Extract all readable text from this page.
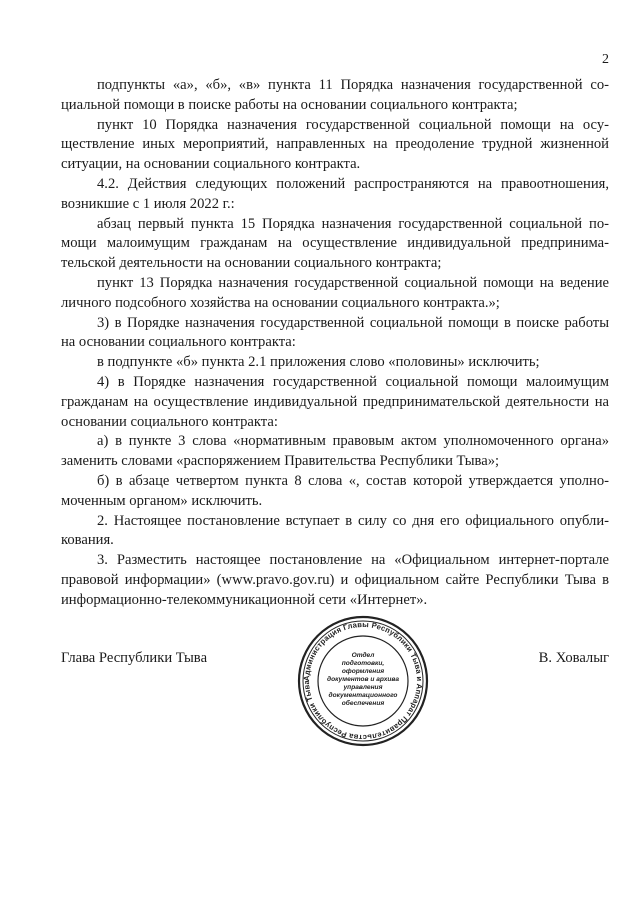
2

подпункты «а», «б», «в» пункта 11 Порядка назначения государственной социальной помощи в поиске работы на основании социального контракта;

пункт 10 Порядка назначения государственной социальной помощи на осуществление иных мероприятий, направленных на преодоление трудной жизненной ситуации, на основании социального контракта.

4.2. Действия следующих положений распространяются на правоотношения, возникшие с 1 июля 2022 г.:

абзац первый пункта 15 Порядка назначения государственной социальной помощи малоимущим гражданам на осуществление индивидуальной предпринимательской деятельности на основании социального контракта;

пункт 13 Порядка назначения государственной социальной помощи на ведение личного подсобного хозяйства на основании социального контракта.»;

3) в Порядке назначения государственной социальной помощи в поиске работы на основании социального контракта:

в подпункте «б» пункта 2.1 приложения слово «половины» исключить;

4) в Порядке назначения государственной социальной помощи малоимущим гражданам на осуществление индивидуальной предпринимательской деятельности на основании социального контракта:

а) в пункте 3 слова «нормативным правовым актом уполномоченного органа» заменить словами «распоряжением Правительства Республики Тыва»;

б) в абзаце четвертом пункта 8 слова «, состав которой утверждается уполномоченным органом» исключить.

2. Настоящее постановление вступает в силу со дня его официального опубликования.

3. Разместить настоящее постановление на «Официальном интернет-портале правовой информации» (www.pravo.gov.ru) и официальном сайте Республики Тыва в информационно-телекоммуникационной сети «Интернет».

Глава Республики Тывa	В. Ховалыг
Администрация Главы Республики Тыва и Аппарат Правительства Республики Тыва
Отдел
подготовки,
оформления
документов и архива
управления
документационного
обеспечения
